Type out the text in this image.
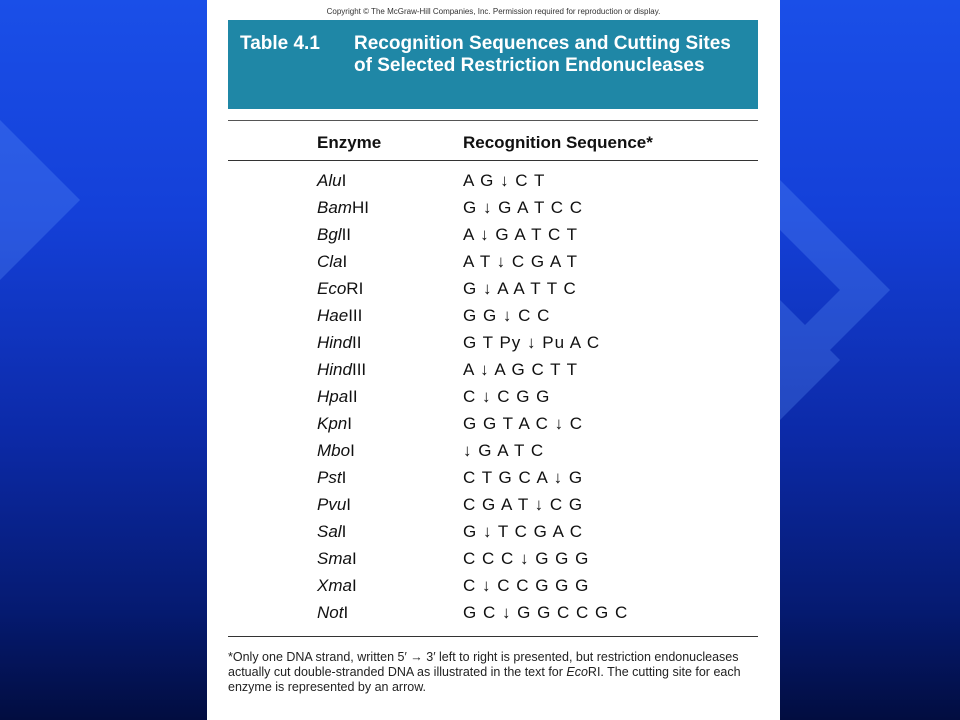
Copyright © The McGraw-Hill Companies, Inc. Permission required for reproduction or display.
Table 4.1 Recognition Sequences and Cutting Sites of Selected Restriction Endonucleases
Enzyme	Recognition Sequence*
AluI	A G ↓ C T
BamHI	G ↓ G A T C C
BglII	A ↓ G A T C T
ClaI	A T ↓ C G A T
EcoRI	G ↓ A A T T C
HaeIII	G G ↓ C C
HindII	G T Py ↓ Pu A C
HindIII	A ↓ A G C T T
HpaII	C ↓ C G G
KpnI	G G T A C ↓ C
MboI	↓ G A T C
PstI	C T G C A ↓ G
PvuI	C G A T ↓ C G
SalI	G ↓ T C G A C
SmaI	C C C ↓ G G G
XmaI	C ↓ C C G G G
NotI	G C ↓ G G C C G C
*Only one DNA strand, written 5′ → 3′ left to right is presented, but restriction endonucleases actually cut double-stranded DNA as illustrated in the text for EcoRI. The cutting site for each enzyme is represented by an arrow.
